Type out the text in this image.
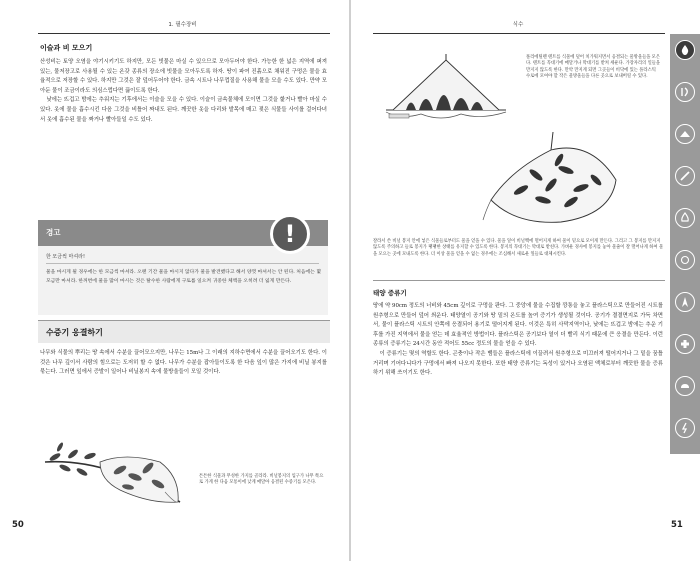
1. 필수장비
이슬과 비 모으기

산성비는 토양 오염을 야기시키기도 하지만, 모든 빗물은 마실 수 있으므로 모아두어야 한다. 가능한 한 넓은 지역에 퍼져 있는, 물저장고로 사용될 수 있는 온갖 종류의 장소에 빗물을 모아두도록 하자. 땅이 파여 진흙으로 채워진 구멍은 물을 효율적으로 저장할 수 있다. 하지만 그것은 잘 덮어두어야 한다. 금속 시트나 나무껍질을 사용해 물을 모을 수도 있다. 만약 모아둔 물이 조금이라도 의심스럽다면 끓이도록 한다.

낮에는 뜨겁고 밤에는 추워지는 기후에서는 이슬을 모을 수 있다. 이슬이 금속물체에 모이면 그것을 핥거나 빨아 마실 수 있다. 옷에 물을 흡수시킨 다음 그것을 비틀어 짜내도 된다. 깨끗한 옷을 다리와 발목에 매고 젖은 식물들 사이를 걸어다녀서 옷에 흡수된 물을 짜거나 빨아들일 수도 있다.

경고	!
한 모금씩 마셔라!
물을 마시게 될 경우에는 한 모금씩 마셔라. 오랜 기간 물을 마시지 않다가 물을 발견했다고 해서 양껏 마셔서는 안 된다. 처음에는 몇 모금만 마셔라. 한꺼번에 물을 많이 마시는 것은 탈수한 사람에게 구토를 일으켜 귀중한 체액을 오히려 더 잃게 만든다.
수증기 응결하기

나무와 식물의 뿌리는 땅 속에서 수분을 끌어모으지만, 나무는 15m나 그 이래의 지하수면에서 수분을 끌어오기도 한다. 이것은 나무 깊이서 사람의 힘으로는 도저히 할 수 없다. 나무가 수분을 잡아들이도록 한 다음 잎이 많은 가지에 비닐 봉지를 묶는다. 그러면 잎에서 증발이 일어나 비닐봉지 속에 물방울들이 모일 것이다.

튼튼한 식물과 무성한 가지를 골라라. 비닐봉지의 입구가 나무 쪽으로 가게 한 다음 모통이에 낮게 매달아 응결된 수증기를 모은다.
50
식수
폴리에틸렌 텐트를 식물에 덮어 치가워지면서 응결되는 물방울들을 모은다. 텐트를 꼭대기에 매달거나 막대기를 받쳐 세운다. 가장자리의 일들을 만지지 않도록 한다. 만약 만지게 되면 그곳들이 비닥에 있는 플라스틱 수로에 모여야 할 작은 물방울들을 다른 곳으로 보내버릴 수 있다.
잘라서 쓴 비닐 봉지 안에 넣은 식물들로부터도 물을 얻을 수 있다. 물을 잎이 비닐백에 떨어지게 하여 물이 밑으로 모이게 만든다. 그리고 그 봉지를 만지지 않도록 주의하고 들로 봉지가 팽팽한 상태를 유지할 수 있도록 한다. 봉지의 꼭대기는 막대로 받친다. 가벼운 경사에 봉지를 놓아 물줄이 잘 떨어나게 하여 물을 모으는 곳에 모내도록 한다. 더 이상 물을 얻을 수 없는 경우에는 조심해서 새로운 잎들로 대체시킨다.
태양 증류기

땅에 약 90cm 정도의 너비와 45cm 깊이로 구멍을 판다. 그 중앙에 물을 수집할 깡통을 놓고 플라스틱으로 만들어진 시트를 원추형으로 만들어 덮어 씌운다. 태양열이 공기와 땅 밑의 온도를 높여 증기가 생성될 것이다. 공기가 결결면지로 가득 차면서, 물이 플라스틱 시트의 안쪽에 응결되어 용기로 떨어지게 된다. 이것은 특히 사막지역이나, 낮에는 뜨겁고 밤에는 추운 기후를 가진 지역에서 물을 얻는 데 효율적인 방법이다. 플라스틱은 공기보다 열이 더 빨리 식기 때문에 큰 응결을 만든다. 이런 종류의 증류기는 24시간 동안 적어도 55cc 정도의 물을 얻을 수 있다.

이 증류기는 몇의 역할도 한다. 곤충이나 작은 뱀들은 플라스틱에 이끌려서 원추형으로 미끄러져 떨어지거나 그 밑을 꿈틀거리며 기어다니다가 구멍에서 빠져 나오지 못한다. 또한 태양 증류기는 독성이 있거나 오염된 액체로부터 깨끗한 물을 증류하기 위해 쓰이기도 한다.

51
